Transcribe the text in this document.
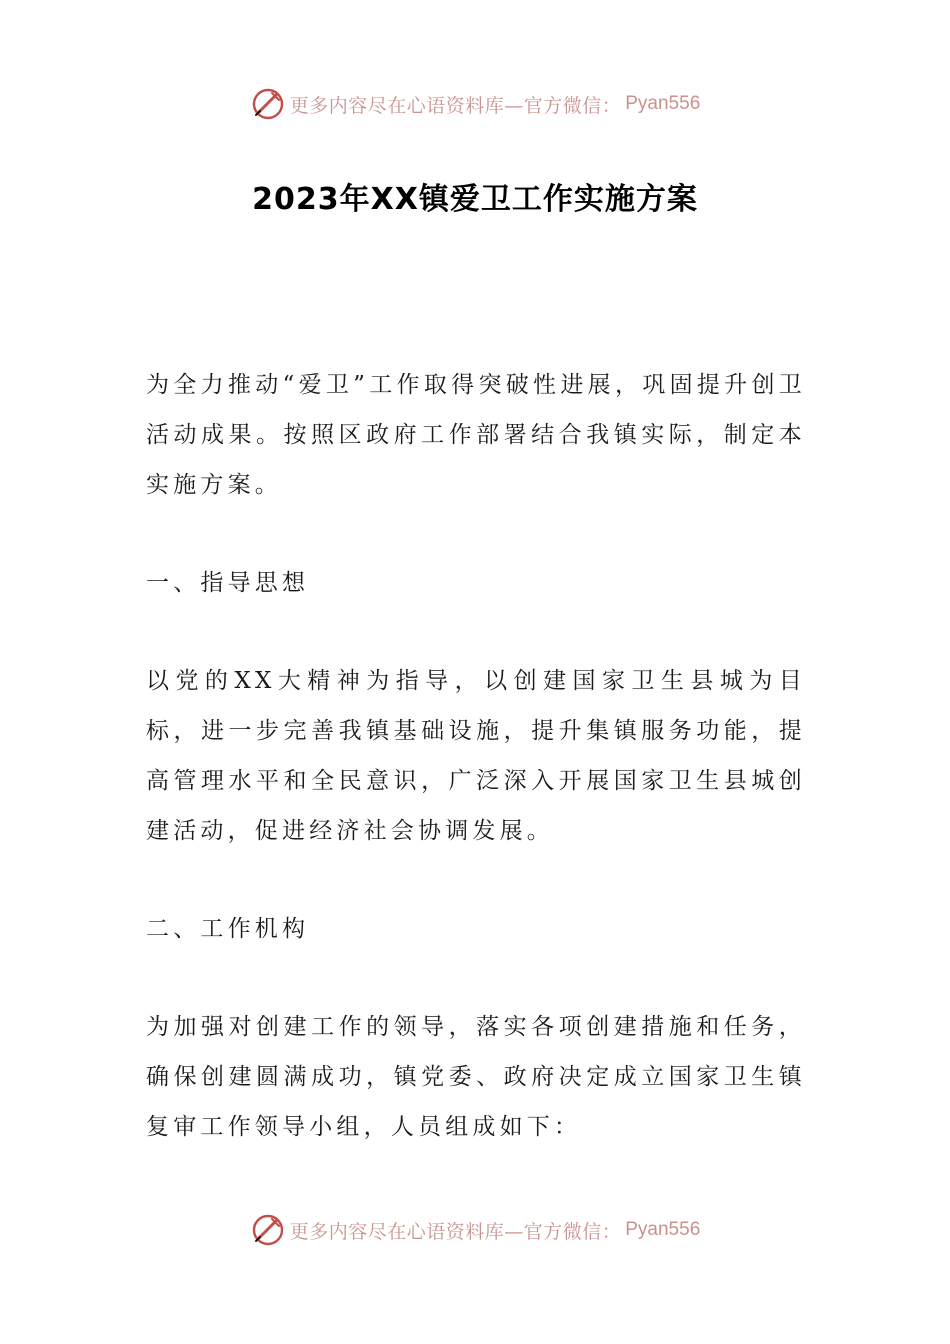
更多内容尽在心语资料库—官方微信： Pyan556
2023年XX镇爱卫工作实施方案

为全力推动“爱卫”工作取得突破性进展，巩固提升创卫活动成果。按照区政府工作部署结合我镇实际，制定本实施方案。

一、指导思想

以党的XX大精神为指导，以创建国家卫生县城为目标，进一步完善我镇基础设施，提升集镇服务功能，提高管理水平和全民意识，广泛深入开展国家卫生县城创建活动，促进经济社会协调发展。

二、工作机构

为加强对创建工作的领导，落实各项创建措施和任务，确保创建圆满成功，镇党委、政府决定成立国家卫生镇复审工作领导小组，人员组成如下：

更多内容尽在心语资料库—官方微信： Pyan556
